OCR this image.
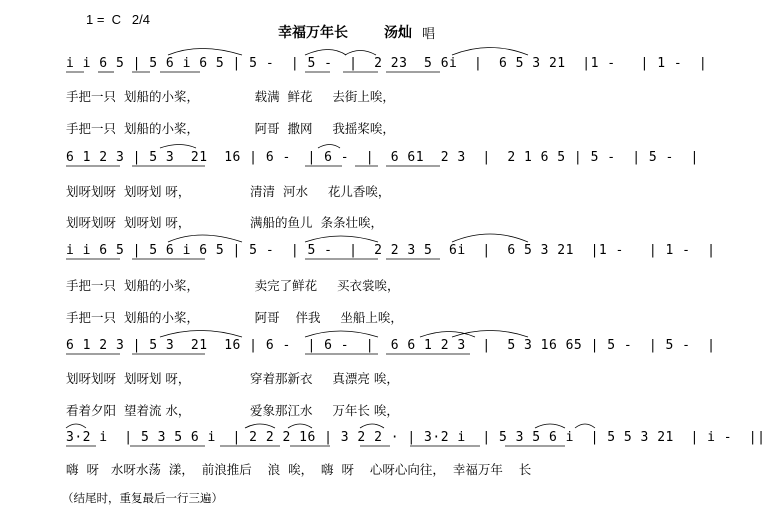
1 =  C   2/4
幸福万年长	汤灿 唱
i i 6 5 | 5 6 i 6 5 | 5 -  | 5 -  |  2 23  5 6i  |  6 5 3 21  |1 -   | 1 -  |
手把一只  划船的小桨，              载满  鲜花     去街上唉，
手把一只  划船的小桨，              阿哥  撒网     我摇桨唉，
6 1 2 3 | 5 3  21  16 | 6 -  | 6 -  |  6 61  2 3  |  2 1 6 5 | 5 -  | 5 -  |
划呀划呀  划呀划 呀，               清清  河水     花儿香唉，
划呀划呀  划呀划 呀，               满船的鱼儿  条条壮唉，
i i 6 5 | 5 6 i 6 5 | 5 -  | 5 -  |  2 2 3 5  6i  |  6 5 3 21  |1 -   | 1 -  |
手把一只  划船的小桨，              卖完了鲜花     买衣裳唉，
手把一只  划船的小桨，              阿哥    伴我     坐船上唉，
6 1 2 3 | 5 3  21  16 | 6 -  | 6 -  |  6 6 1 2 3  |  5 3 16 65 | 5 -  | 5 -  |
划呀划呀  划呀划 呀，               穿着那新衣     真漂亮 唉，
看着夕阳  望着流 水，               爱象那江水     万年长 唉，
3·2 i  | 5 3 5 6 i  | 2 2 2 16 | 3 2 2 · | 3·2 i  | 5 3 5 6 i  | 5 5 3 21  | i -  ||
嗨  呀   水呀水荡  漾，  前浪推后    浪  唉，  嗨  呀    心呀心向往，  幸福万年    长
（结尾时，重复最后一行三遍）
